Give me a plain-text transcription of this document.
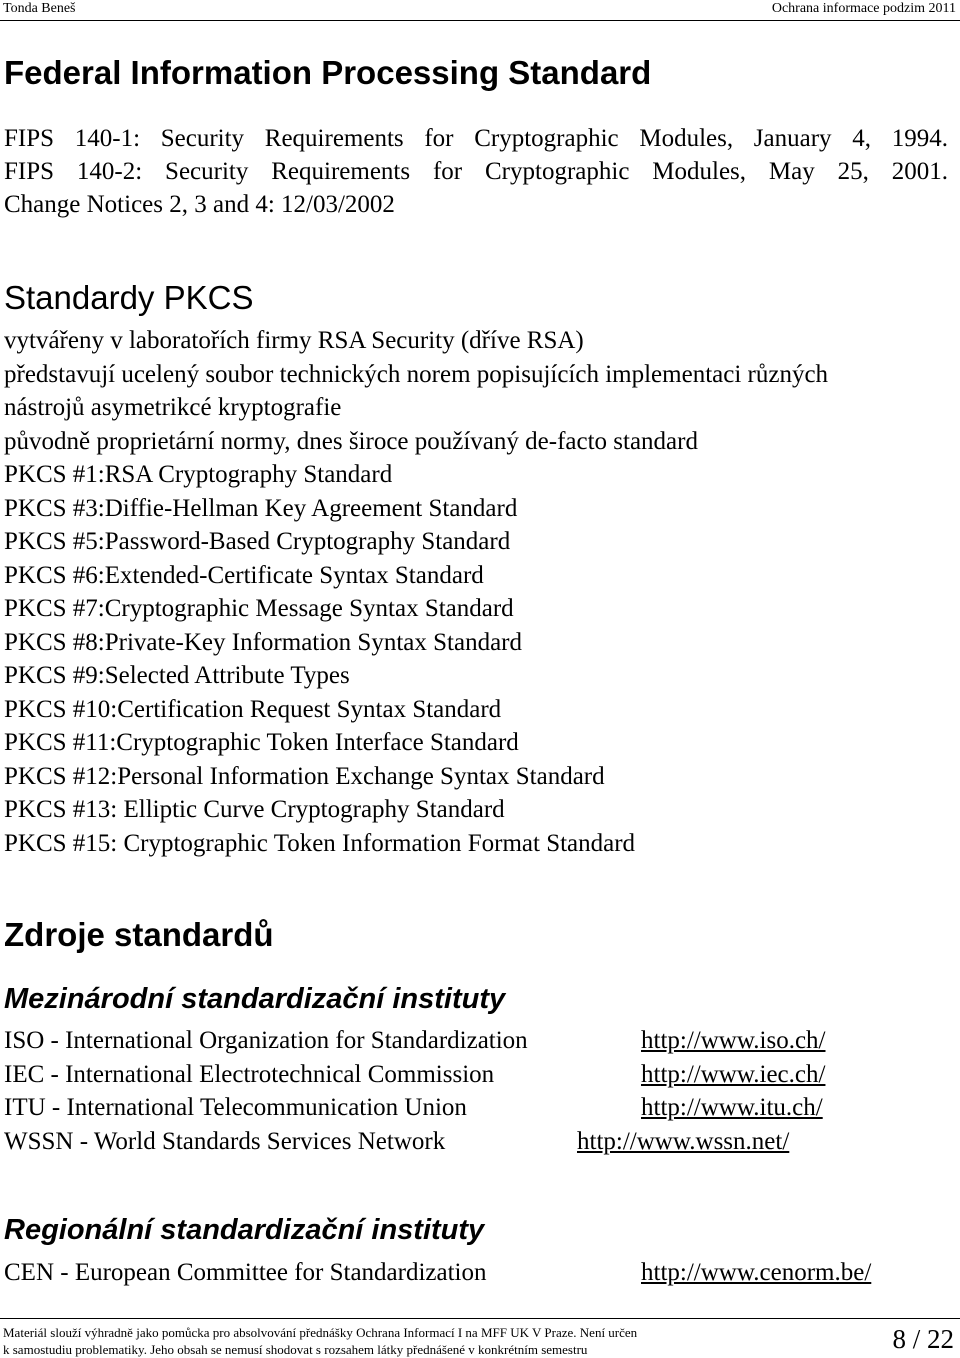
Tonda Beneš	Ochrana informace podzim 2011
Federal Information Processing Standard
FIPS 140-1: Security Requirements for Cryptographic Modules, January 4, 1994.
FIPS 140-2: Security Requirements for Cryptographic Modules, May 25, 2001.
Change Notices 2, 3 and 4: 12/03/2002
Standardy PKCS
vytvářeny v laboratořích firmy RSA Security (dříve RSA)
představují ucelený soubor technických norem popisujících implementaci různých
nástrojů asymetrikcé kryptografie
původně proprietární normy, dnes široce používaný de-facto standard
PKCS #1:RSA Cryptography Standard
PKCS #3:Diffie-Hellman Key Agreement Standard
PKCS #5:Password-Based Cryptography Standard
PKCS #6:Extended-Certificate Syntax Standard
PKCS #7:Cryptographic Message Syntax Standard
PKCS #8:Private-Key Information Syntax Standard
PKCS #9:Selected Attribute Types
PKCS #10:Certification Request Syntax Standard
PKCS #11:Cryptographic Token Interface Standard
PKCS #12:Personal Information Exchange Syntax Standard
PKCS #13: Elliptic Curve Cryptography Standard
PKCS #15: Cryptographic Token Information Format Standard
Zdroje standardů
Mezinárodní standardizační instituty
ISO - International Organization for Standardization	http://www.iso.ch/
IEC - International Electrotechnical Commission	http://www.iec.ch/
ITU - International Telecommunication Union	http://www.itu.ch/
WSSN - World Standards Services Network	http://www.wssn.net/
Regionální standardizační instituty
CEN - European Committee for Standardization	http://www.cenorm.be/
Materiál slouží výhradně jako pomůcka pro absolvování přednášky Ochrana Informací I na MFF UK V Praze. Není určen
k samostudiu problematiky. Jeho obsah se nemusí shodovat s rozsahem látky přednášené v konkrétním semestru	8 / 22
